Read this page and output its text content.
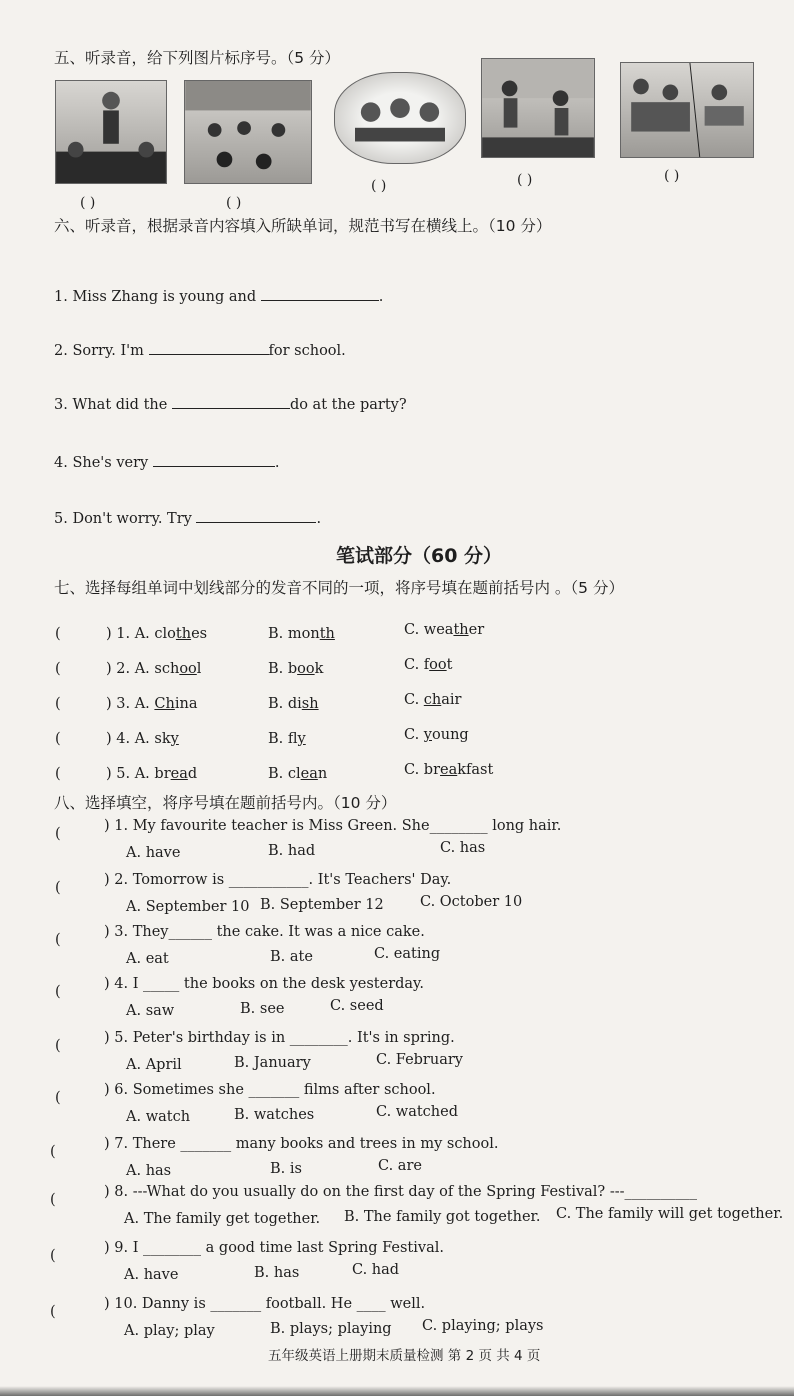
五、听录音，给下列图片标序号。（5 分）
( )	( )
( )	( )	( )
六、听录音，根据录音内容填入所缺单词，规范书写在横线上。（10 分）
1. Miss Zhang is young and	.
2. Sorry. I'm	for school.
3. What did the	do at the party?
4. She's very	.
5. Don't worry. Try	.
笔试部分（60 分）
七、选择每组单词中划线部分的发音不同的一项，将序号填在题前括号内 。（5 分）
(	) 1. A. clothes	B. month	C. weather
(	) 2. A. school	B. book	C. foot
(	) 3. A. China	B. dish	C. chair
(	) 4. A. sky	B. fly	C. young
(	) 5. A. bread	B. clean	C. breakfast
八、选择填空，将序号填在题前括号内。（10 分）
(	) 1. My favourite teacher is Miss Green. She________ long hair.
A. have	B. had	C. has
(	) 2. Tomorrow is ___________. It's Teachers' Day.
A. September 10 B. September 12	C. October 10
(	) 3. They______ the cake. It was a nice cake.
A. eat	B. ate	C. eating
(	) 4. I _____ the books on the desk yesterday.
A. saw	B. see	C. seed
(	) 5. Peter's birthday is in ________. It's in spring.
A. April	B. January	C. February
(	) 6. Sometimes she _______ films after school.
A. watch	B. watches	C. watched
(	) 7. There _______ many books and trees in my school.
A. has	B. is	C. are
(	) 8. ---What do you usually do on the first day of the Spring Festival? ---__________
A. The family get together. B. The family got together. C. The family will get together.
(	) 9. I ________ a good time last Spring Festival.
A. have	B. has	C. had
(	) 10. Danny is _______ football. He ____ well.
A. play; play	B. plays; playing C. playing; plays
五年级英语上册期末质量检测 第 2 页 共 4 页
